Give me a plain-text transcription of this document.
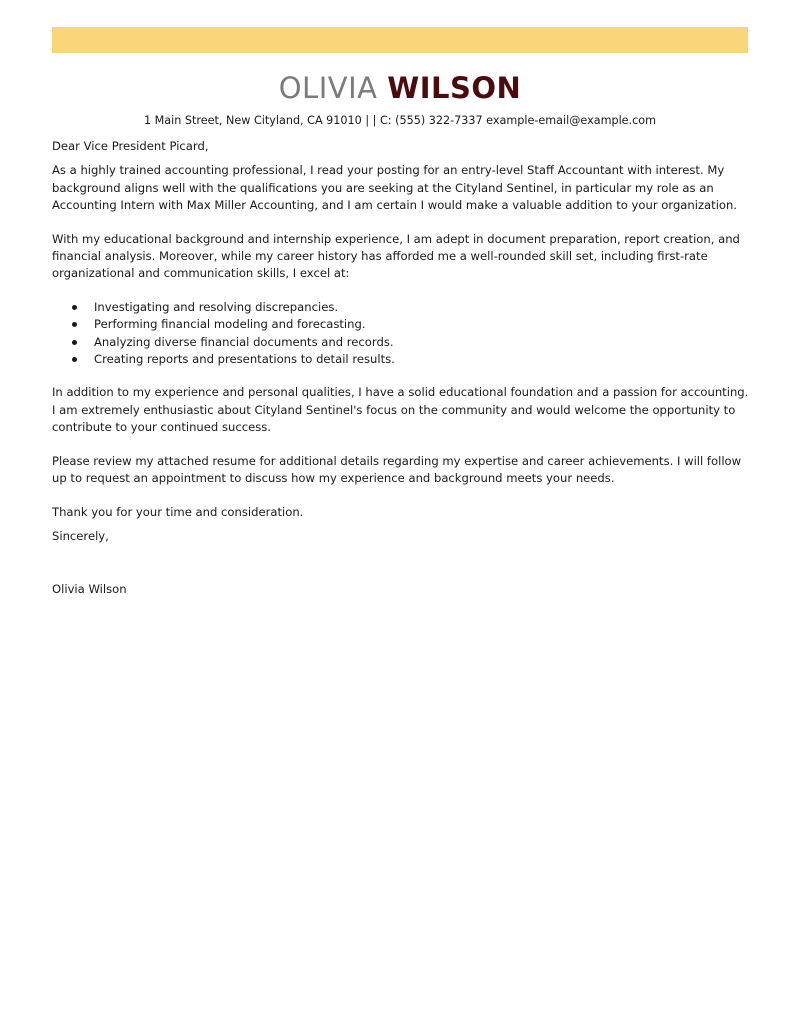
OLIVIA WILSON
1 Main Street, New Cityland, CA 91010 | | C: (555) 322-7337 example-email@example.com

Dear Vice President Picard,

As a highly trained accounting professional, I read your posting for an entry-level Staff Accountant with interest. My background aligns well with the qualifications you are seeking at the Cityland Sentinel, in particular my role as an Accounting Intern with Max Miller Accounting, and I am certain I would make a valuable addition to your organization.

With my educational background and internship experience, I am adept in document preparation, report creation, and financial analysis. Moreover, while my career history has afforded me a well-rounded skill set, including first-rate organizational and communication skills, I excel at:

Investigating and resolving discrepancies.
Performing financial modeling and forecasting.
Analyzing diverse financial documents and records.
Creating reports and presentations to detail results.

In addition to my experience and personal qualities, I have a solid educational foundation and a passion for accounting. I am extremely enthusiastic about Cityland Sentinel's focus on the community and would welcome the opportunity to contribute to your continued success.

Please review my attached resume for additional details regarding my expertise and career achievements. I will follow up to request an appointment to discuss how my experience and background meets your needs.

Thank you for your time and consideration.

Sincerely,

Olivia Wilson
